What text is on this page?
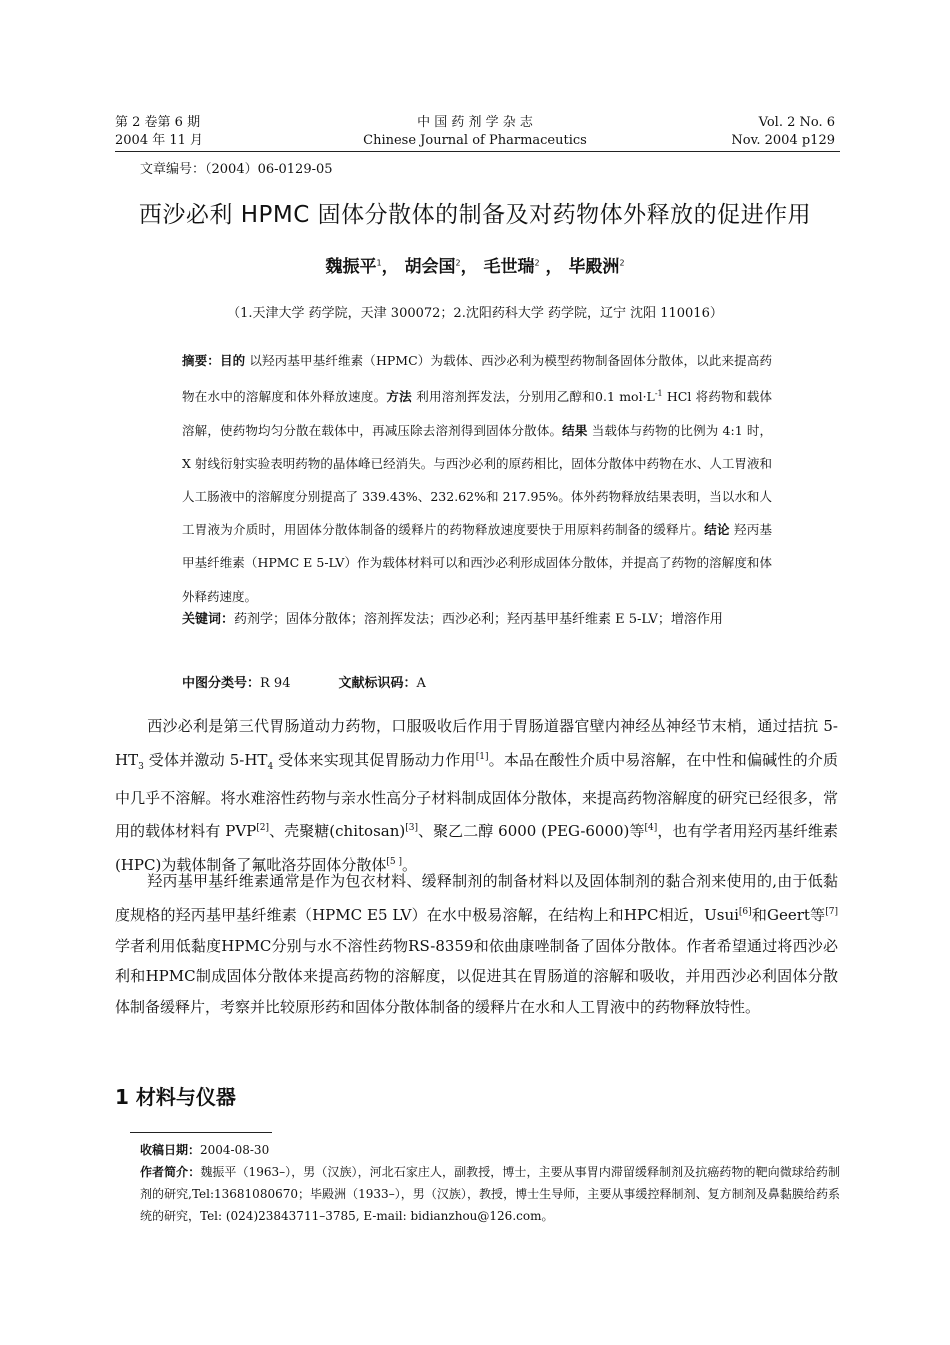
第 2 卷第 6 期
2004 年 11 月
中 国 药 剂 学 杂 志
Chinese Journal of Pharmaceutics
Vol. 2 No. 6
Nov. 2004 p129
文章编号：（2004）06-0129-05
西沙必利 HPMC 固体分散体的制备及对药物体外释放的促进作用
魏振平$^1$， 胡会国$^2$， 毛世瑞$^2$ ， 毕殿洲$^2$
（1.天津大学 药学院，天津 300072；2.沈阳药科大学 药学院，辽宁 沈阳 110016）
摘要：目的 以羟丙基甲基纤维素（HPMC）为载体、西沙必利为模型药物制备固体分散体，以此来提高药物在水中的溶解度和体外释放速度。方法 利用溶剂挥发法，分别用乙醇和0.1 $mol\cdot L^{-1}$ HCl 将药物和载体溶解，使药物均匀分散在载体中，再减压除去溶剂得到固体分散体。结果 当载体与药物的比例为 4:1 时，X 射线衍射实验表明药物的晶体峰已经消失。与西沙必利的原药相比，固体分散体中药物在水、人工胃液和人工肠液中的溶解度分别提高了 339.43%、232.62%和 217.95%。体外药物释放结果表明，当以水和人工胃液为介质时，用固体分散体制备的缓释片的药物释放速度要快于用原料药制备的缓释片。结论 羟丙基甲基纤维素（HPMC E 5-LV）作为载体材料可以和西沙必利形成固体分散体，并提高了药物的溶解度和体外释药速度。
关键词：药剂学；固体分散体；溶剂挥发法；西沙必利；羟丙基甲基纤维素 E 5-LV；增溶作用
中图分类号：R 94	文献标识码：A
西沙必利是第三代胃肠道动力药物，口服吸收后作用于胃肠道器官壁内神经丛神经节末梢，通过拮抗 $5-HT_3$ 受体并激动 $5-HT_4$ 受体来实现其促胃肠动力作用[1]。本品在酸性介质中易溶解，在中性和偏碱性的介质中几乎不溶解。将水难溶性药物与亲水性高分子材料制成固体分散体，来提高药物溶解度的研究已经很多，常用的载体材料有 PVP[2]、壳聚糖(chitosan)[3]、聚乙二醇 6000 (PEG-6000)等[4]，也有学者用羟丙基纤维素(HPC)为载体制备了氟吡洛芬固体分散体[5 ]。
羟丙基甲基纤维素通常是作为包衣材料、缓释制剂的制备材料以及固体制剂的黏合剂来使用的,由于低黏度规格的羟丙基甲基纤维素（HPMC E5 LV）在水中极易溶解，在结构上和HPC相近，Usui[6]和Geert等[7]学者利用低黏度HPMC分别与水不溶性药物RS-8359和依曲康唑制备了固体分散体。作者希望通过将西沙必利和HPMC制成固体分散体来提高药物的溶解度，以促进其在胃肠道的溶解和吸收，并用西沙必利固体分散体制备缓释片，考察并比较原形药和固体分散体制备的缓释片在水和人工胃液中的药物释放特性。
1 材料与仪器
收稿日期：2004-08-30
作者简介：魏振平（1963–），男（汉族），河北石家庄人，副教授，博士，主要从事胃内滞留缓释制剂及抗癌药物的靶向微球给药制剂的研究,Tel:13681080670；毕殿洲（1933–），男（汉族），教授，博士生导师，主要从事缓控释制剂、复方制剂及鼻黏膜给药系统的研究，Tel: (024)23843711–3785, E-mail: bidianzhou@126.com。
